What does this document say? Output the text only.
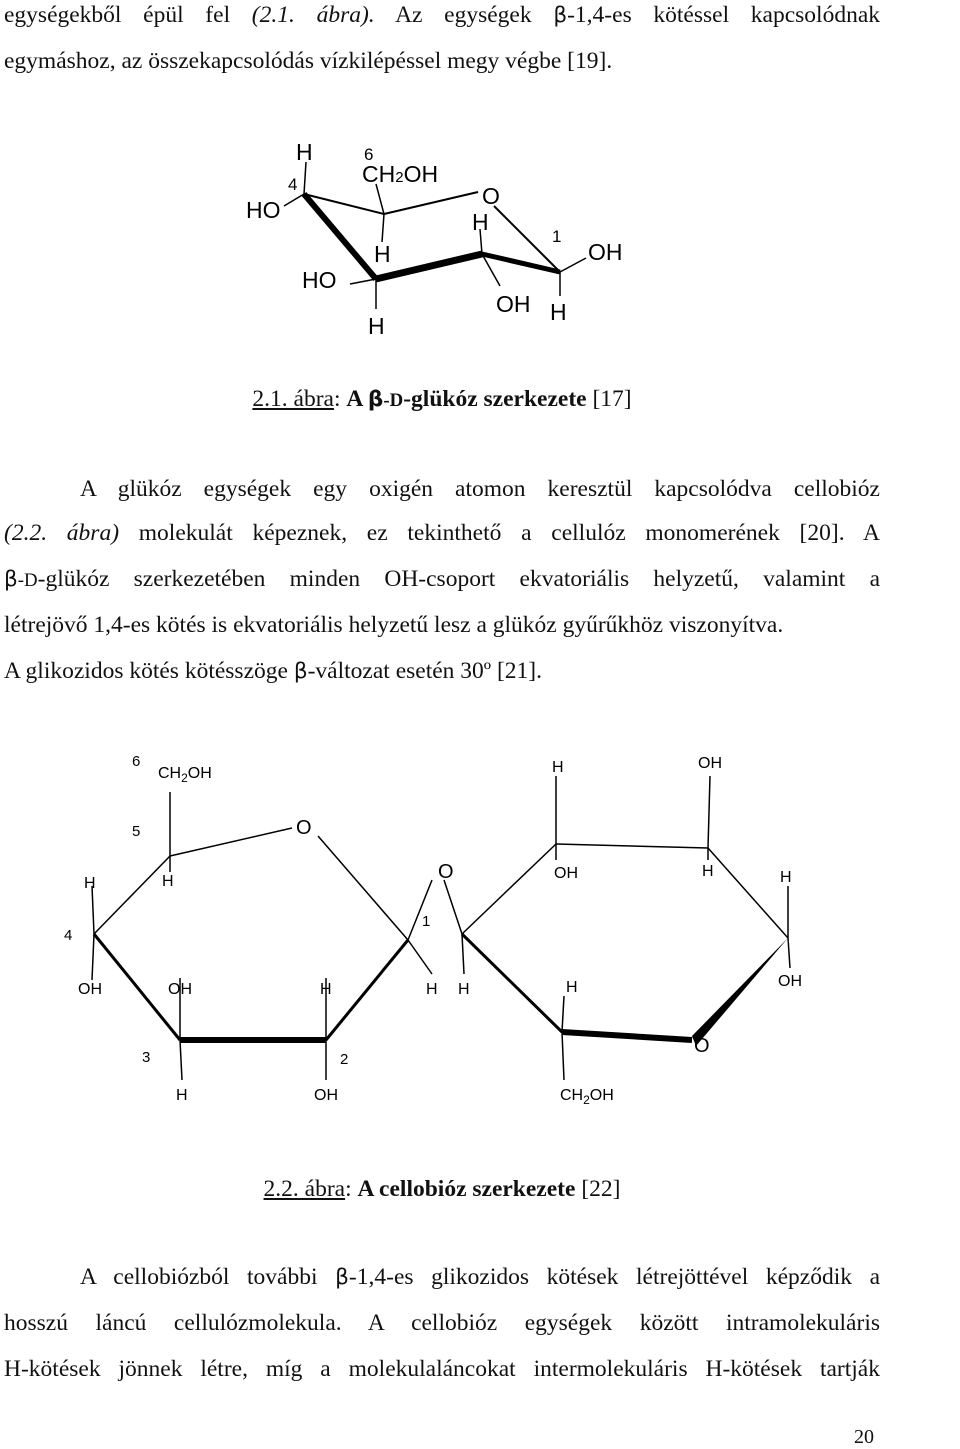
egységekből épül fel (2.1. ábra). Az egységek β-1,4-es kötéssel kapcsolódnak
egymáshoz, az összekapcsolódás vízkilépéssel megy végbe [19].
H
4
HO
6
CH2OH
O
H
1
OH
H
HO
H
OH H
2.1. ábra: A β-D-glükóz szerkezete [17]
A glükóz egységek egy oxigén atomon keresztül kapcsolódva cellobióz
(2.2. ábra) molekulát képeznek, ez tekinthető a cellulóz monomerének [20]. A
β-D-glükóz szerkezetében minden OH-csoport ekvatoriális helyzetű, valamint a
létrejövő 1,4-es kötés is ekvatoriális helyzetű lesz a glükóz gyűrűkhöz viszonyítva.
A glikozidos kötés kötésszöge β-változat esetén 30º [21].
6
$CH_2OH$
5	O
H	H
4
O
1
OH	OH	H	H
3	2
H	OH
H	OH
OH	H	H
H	OH
H
O
$CH_2OH$
2.2. ábra: A cellobióz szerkezete [22]
A cellobiózból további β-1,4-es glikozidos kötések létrejöttével képződik a
hosszú láncú cellulózmolekula. A cellobióz egységek között intramolekuláris
H-kötések jönnek létre, míg a molekulaláncokat intermolekuláris H-kötések tartják
20
